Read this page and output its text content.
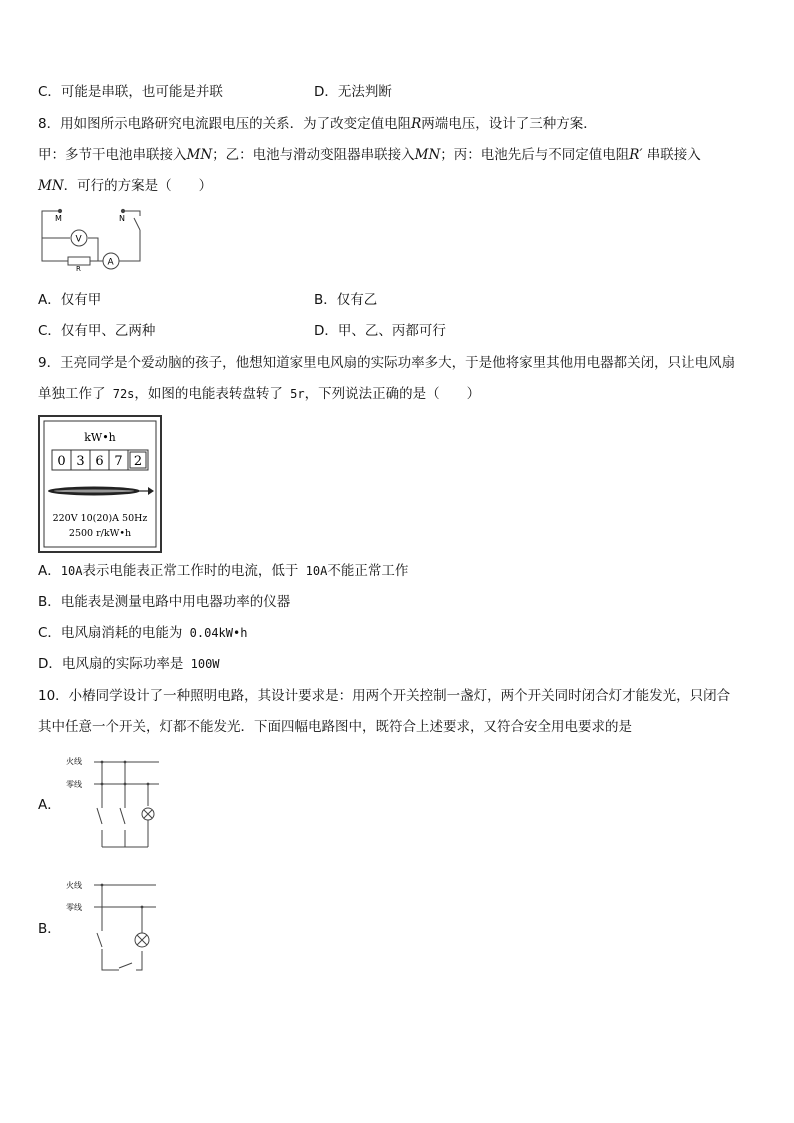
C．可能是串联，也可能是并联	D．无法判断
8．用如图所示电路研究电流跟电压的关系．为了改变定值电阻R两端电压，设计了三种方案．
甲：多节干电池串联接入MN；乙：电池与滑动变阻器串联接入MN；丙：电池先后与不同定值电阻R′ 串联接入
MN．可行的方案是（　　）
M	N
V
A
R
A．仅有甲	B．仅有乙
C．仅有甲、乙两种	D．甲、乙、丙都可行
9．王亮同学是个爱动脑的孩子，他想知道家里电风扇的实际功率多大，于是他将家里其他用电器都关闭，只让电风扇
单独工作了 72s，如图的电能表转盘转了 5r，下列说法正确的是（　　）
kW•h
0 3 6 7 2
220V 10(20)A 50Hz
2500 r/kW•h
A．10A表示电能表正常工作时的电流，低于 10A不能正常工作
B．电能表是测量电路中用电器功率的仪器
C．电风扇消耗的电能为 0.04kW•h
D．电风扇的实际功率是 100W
10．小椿同学设计了一种照明电路，其设计要求是：用两个开关控制一盏灯，两个开关同时闭合灯才能发光，只闭合
其中任意一个开关，灯都不能发光．下面四幅电路图中，既符合上述要求，又符合安全用电要求的是
A．
火线
零线
B．
火线
零线
